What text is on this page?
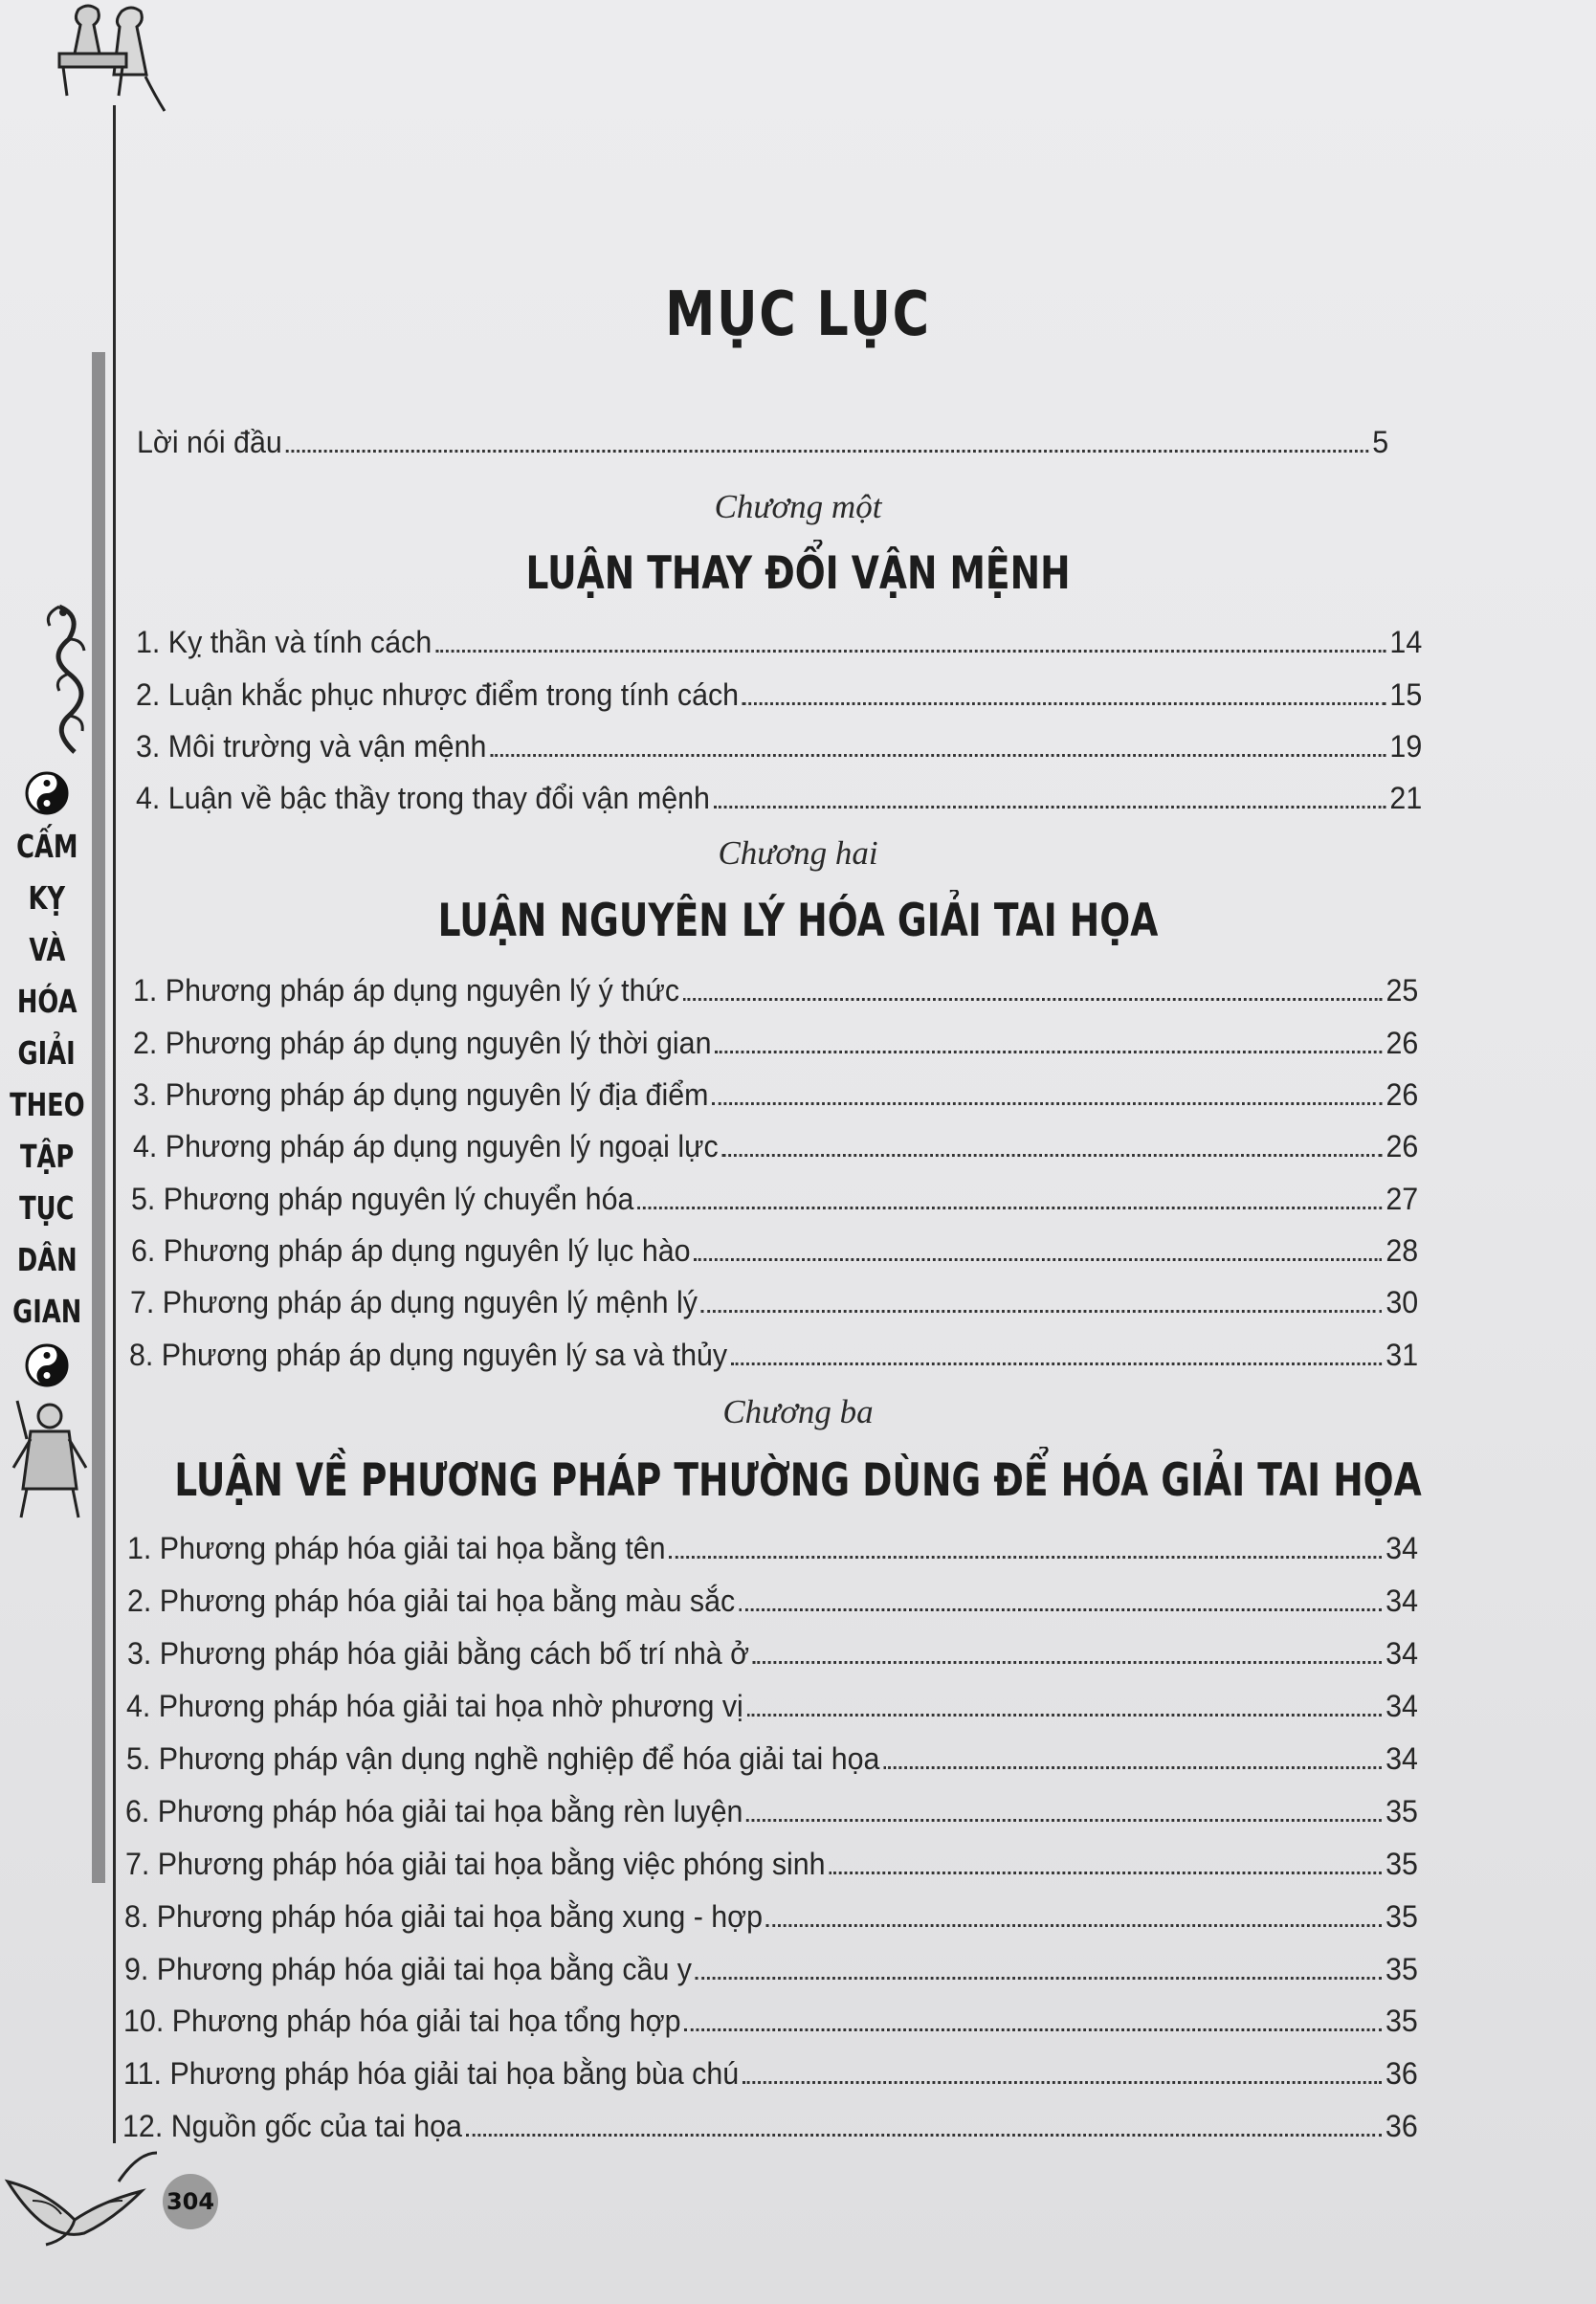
CẤM
KỴ
VÀ
HÓA
GIẢI
THEO
TẬP
TỤC
DÂN
GIAN
304
MỤC LỤC
Lời nói đầu	5
Chương một
LUẬN THAY ĐỔI VẬN MỆNH
1. Kỵ thần và tính cách	14
2. Luận khắc phục nhược điểm trong tính cách	15
3. Môi trường và vận mệnh	19
4. Luận về bậc thầy trong thay đổi vận mệnh	21
Chương hai
LUẬN NGUYÊN LÝ HÓA GIẢI TAI HỌA
1. Phương pháp áp dụng nguyên lý ý thức	25
2. Phương pháp áp dụng nguyên lý thời gian	26
3. Phương pháp áp dụng nguyên lý địa điểm	26
4. Phương pháp áp dụng nguyên lý ngoại lực	26
5. Phương pháp nguyên lý chuyển hóa	27
6. Phương pháp áp dụng nguyên lý lục hào	28
7. Phương pháp áp dụng nguyên lý mệnh lý	30
8. Phương pháp áp dụng nguyên lý sa và thủy	31
Chương ba
LUẬN VỀ PHƯƠNG PHÁP THƯỜNG DÙNG ĐỂ HÓA GIẢI TAI HỌA
1. Phương pháp hóa giải tai họa bằng tên	34
2. Phương pháp hóa giải tai họa bằng màu sắc	34
3. Phương pháp hóa giải bằng cách bố trí nhà ở	34
4. Phương pháp hóa giải tai họa nhờ phương vị	34
5. Phương pháp vận dụng nghề nghiệp để hóa giải tai họa	34
6. Phương pháp hóa giải tai họa bằng rèn luyện	35
7. Phương pháp hóa giải tai họa bằng việc phóng sinh	35
8. Phương pháp hóa giải tai họa bằng xung - hợp	35
9. Phương pháp hóa giải tai họa bằng cầu y	35
10. Phương pháp hóa giải tai họa tổng hợp	35
11. Phương pháp hóa giải tai họa bằng bùa chú	36
12. Nguồn gốc của tai họa	36
